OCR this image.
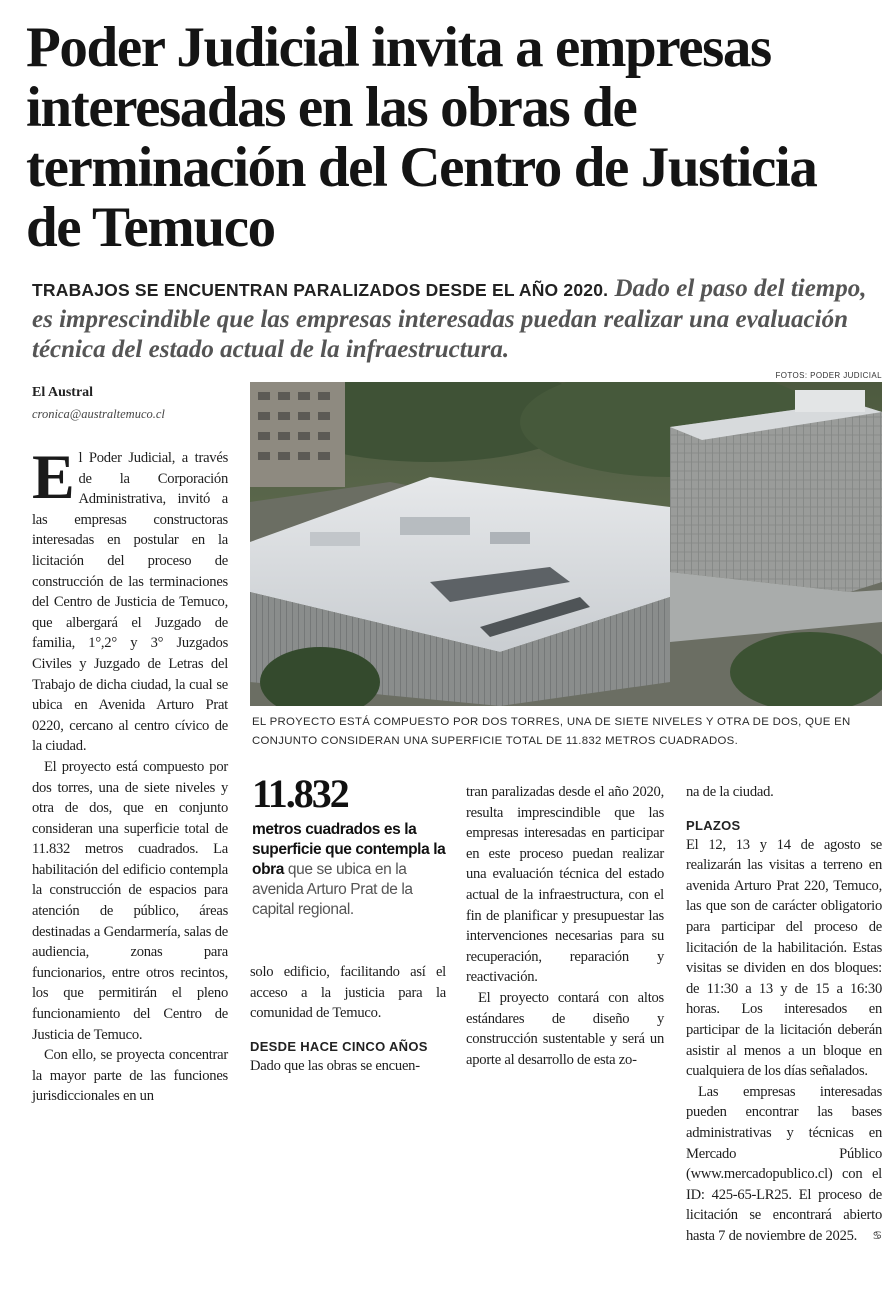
Poder Judicial invita a empresas interesadas en las obras de terminación del Centro de Justicia de Temuco
TRABAJOS SE ENCUENTRAN PARALIZADOS DESDE EL AÑO 2020. Dado el paso del tiempo, es imprescindible que las empresas interesadas puedan realizar una evaluación técnica del estado actual de la infraestructura.
El Austral
cronica@australtemuco.cl
FOTOS: PODER JUDICIAL
EL PROYECTO ESTÁ COMPUESTO POR DOS TORRES, UNA DE SIETE NIVELES Y OTRA DE DOS, QUE EN CONJUNTO CONSIDERAN UNA SUPERFICIE TOTAL DE 11.832 METROS CUADRADOS.

El Poder Judicial, a través de la Corporación Administrativa, invitó a las empresas constructoras interesadas en postular en la licitación del proceso de construcción de las terminaciones del Centro de Justicia de Temuco, que albergará el Juzgado de familia, 1°,2° y 3° Juzgados Civiles y Juzgado de Letras del Trabajo de dicha ciudad, la cual se ubica en Avenida Arturo Prat 0220, cercano al centro cívico de la ciudad.

El proyecto está compuesto por dos torres, una de siete niveles y otra de dos, que en conjunto consideran una superficie total de 11.832 metros cuadrados. La habilitación del edificio contempla la construcción de espacios para atención de público, áreas destinadas a Gendarmería, salas de audiencia, zonas para funcionarios, entre otros recintos, los que permitirán el pleno funcionamiento del Centro de Justicia de Temuco.

Con ello, se proyecta concentrar la mayor parte de las funciones jurisdiccionales en un

11.832
metros cuadrados es la superficie que contempla la obra que se ubica en la avenida Arturo Prat de la capital regional.

solo edificio, facilitando así el acceso a la justicia para la comunidad de Temuco.

DESDE HACE CINCO AÑOS

Dado que las obras se encuen-

tran paralizadas desde el año 2020, resulta imprescindible que las empresas interesadas en participar en este proceso puedan realizar una evaluación técnica del estado actual de la infraestructura, con el fin de planificar y presupuestar las intervenciones necesarias para su recuperación, reparación y reactivación.

El proyecto contará con altos estándares de diseño y construcción sustentable y será un aporte al desarrollo de esta zo-

na de la ciudad.

PLAZOS

El 12, 13 y 14 de agosto se realizarán las visitas a terreno en avenida Arturo Prat 220, Temuco, las que son de carácter obligatorio para participar del proceso de licitación de la habilitación. Estas visitas se dividen en dos bloques: de 11:30 a 13 y de 15 a 16:30 horas. Los interesados en participar de la licitación deberán asistir al menos a un bloque en cualquiera de los días señalados.

Las empresas interesadas pueden encontrar las bases administrativas y técnicas en Mercado Público (www.mercadopublico.cl) con el ID: 425-65-LR25. El proceso de licitación se encontrará abierto hasta 7 de noviembre de 2025.	♋
